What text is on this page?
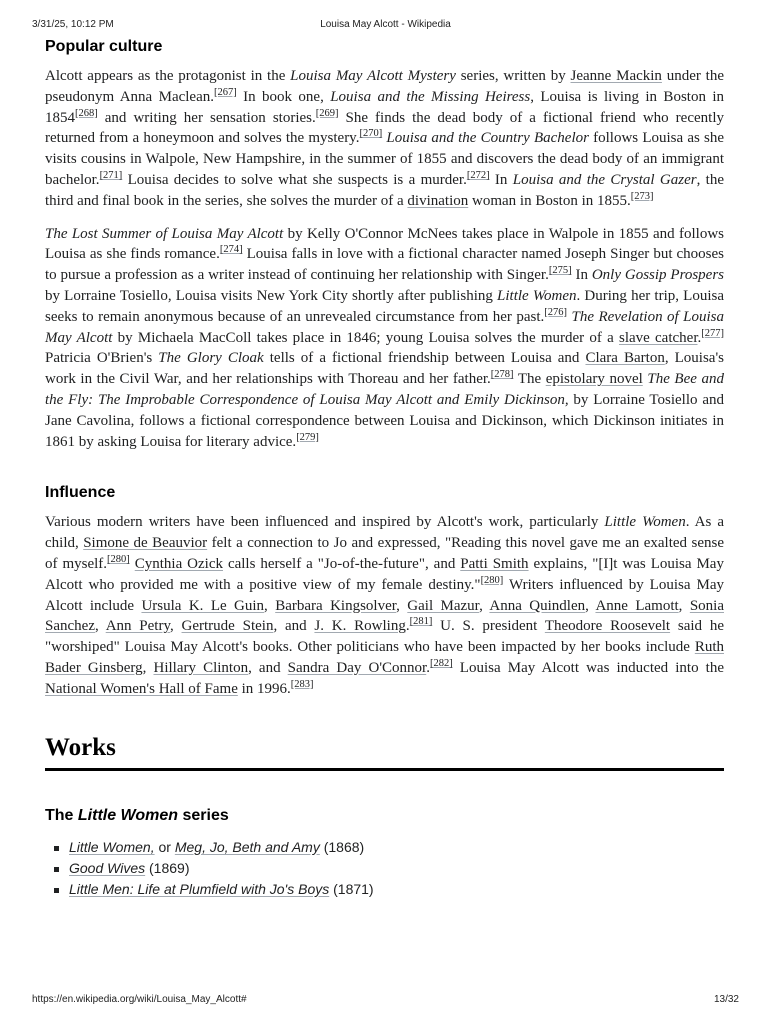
3/31/25, 10:12 PM	Louisa May Alcott - Wikipedia
Popular culture

Alcott appears as the protagonist in the Louisa May Alcott Mystery series, written by Jeanne Mackin under the pseudonym Anna Maclean.[267] In book one, Louisa and the Missing Heiress, Louisa is living in Boston in 1854[268] and writing her sensation stories.[269] She finds the dead body of a fictional friend who recently returned from a honeymoon and solves the mystery.[270] Louisa and the Country Bachelor follows Louisa as she visits cousins in Walpole, New Hampshire, in the summer of 1855 and discovers the dead body of an immigrant bachelor.[271] Louisa decides to solve what she suspects is a murder.[272] In Louisa and the Crystal Gazer, the third and final book in the series, she solves the murder of a divination woman in Boston in 1855.[273]

The Lost Summer of Louisa May Alcott by Kelly O'Connor McNees takes place in Walpole in 1855 and follows Louisa as she finds romance.[274] Louisa falls in love with a fictional character named Joseph Singer but chooses to pursue a profession as a writer instead of continuing her relationship with Singer.[275] In Only Gossip Prospers by Lorraine Tosiello, Louisa visits New York City shortly after publishing Little Women. During her trip, Louisa seeks to remain anonymous because of an unrevealed circumstance from her past.[276] The Revelation of Louisa May Alcott by Michaela MacColl takes place in 1846; young Louisa solves the murder of a slave catcher.[277] Patricia O'Brien's The Glory Cloak tells of a fictional friendship between Louisa and Clara Barton, Louisa's work in the Civil War, and her relationships with Thoreau and her father.[278] The epistolary novel The Bee and the Fly: The Improbable Correspondence of Louisa May Alcott and Emily Dickinson, by Lorraine Tosiello and Jane Cavolina, follows a fictional correspondence between Louisa and Dickinson, which Dickinson initiates in 1861 by asking Louisa for literary advice.[279]

Influence

Various modern writers have been influenced and inspired by Alcott's work, particularly Little Women. As a child, Simone de Beauvior felt a connection to Jo and expressed, "Reading this novel gave me an exalted sense of myself.[280] Cynthia Ozick calls herself a "Jo-of-the-future", and Patti Smith explains, "[I]t was Louisa May Alcott who provided me with a positive view of my female destiny."[280] Writers influenced by Louisa May Alcott include Ursula K. Le Guin, Barbara Kingsolver, Gail Mazur, Anna Quindlen, Anne Lamott, Sonia Sanchez, Ann Petry, Gertrude Stein, and J. K. Rowling.[281] U. S. president Theodore Roosevelt said he "worshiped" Louisa May Alcott's books. Other politicians who have been impacted by her books include Ruth Bader Ginsberg, Hillary Clinton, and Sandra Day O'Connor.[282] Louisa May Alcott was inducted into the National Women's Hall of Fame in 1996.[283]

Works
The Little Women series
Little Women, or Meg, Jo, Beth and Amy (1868)
Good Wives (1869)
Little Men: Life at Plumfield with Jo's Boys (1871)
https://en.wikipedia.org/wiki/Louisa_May_Alcott#	13/32
